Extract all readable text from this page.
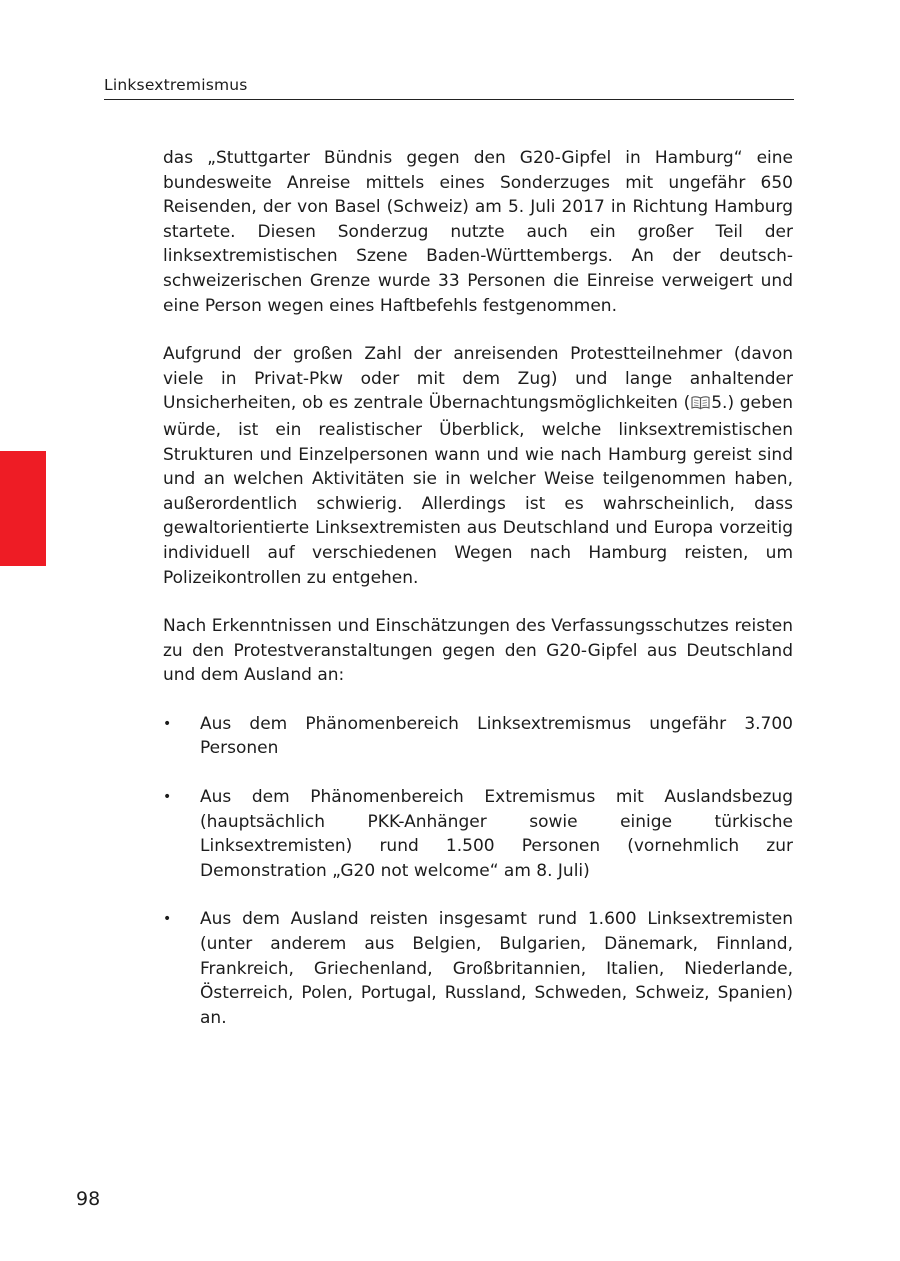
Linksextremismus

das „Stuttgarter Bündnis gegen den G20-Gipfel in Hamburg“ eine bundesweite Anreise mittels eines Sonderzuges mit ungefähr 650 Reisenden, der von Basel (Schweiz) am 5. Juli 2017 in Richtung Hamburg startete. Diesen Sonderzug nutzte auch ein großer Teil der linksextremistischen Szene Baden-Württembergs. An der deutsch-schweizerischen Grenze wurde 33 Personen die Einreise verweigert und eine Person wegen eines Haftbefehls festgenommen.

Aufgrund der großen Zahl der anreisenden Protestteilnehmer (davon viele in Privat-Pkw oder mit dem Zug) und lange anhaltender Unsicherheiten, ob es zentrale Übernachtungsmöglichkeiten ( 5.) geben würde, ist ein realistischer Überblick, welche linksextremistischen Strukturen und Einzelpersonen wann und wie nach Hamburg gereist sind und an welchen Aktivitäten sie in welcher Weise teilgenommen haben, außerordentlich schwierig. Allerdings ist es wahrscheinlich, dass gewaltorientierte Linksextremisten aus Deutschland und Europa vorzeitig individuell auf verschiedenen Wegen nach Hamburg reisten, um Polizeikontrollen zu entgehen.

Nach Erkenntnissen und Einschätzungen des Verfassungsschutzes reisten zu den Protestveranstaltungen gegen den G20-Gipfel aus Deutschland und dem Ausland an:

• Aus dem Phänomenbereich Linksextremismus ungefähr 3.700 Personen
• Aus dem Phänomenbereich Extremismus mit Auslandsbezug (hauptsächlich PKK-Anhänger sowie einige türkische Linksextremisten) rund 1.500 Personen (vornehmlich zur Demonstration „G20 not welcome“ am 8. Juli)
• Aus dem Ausland reisten insgesamt rund 1.600 Linksextremisten (unter anderem aus Belgien, Bulgarien, Dänemark, Finnland, Frankreich, Griechenland, Großbritannien, Italien, Niederlande, Österreich, Polen, Portugal, Russland, Schweden, Schweiz, Spanien) an.
98
